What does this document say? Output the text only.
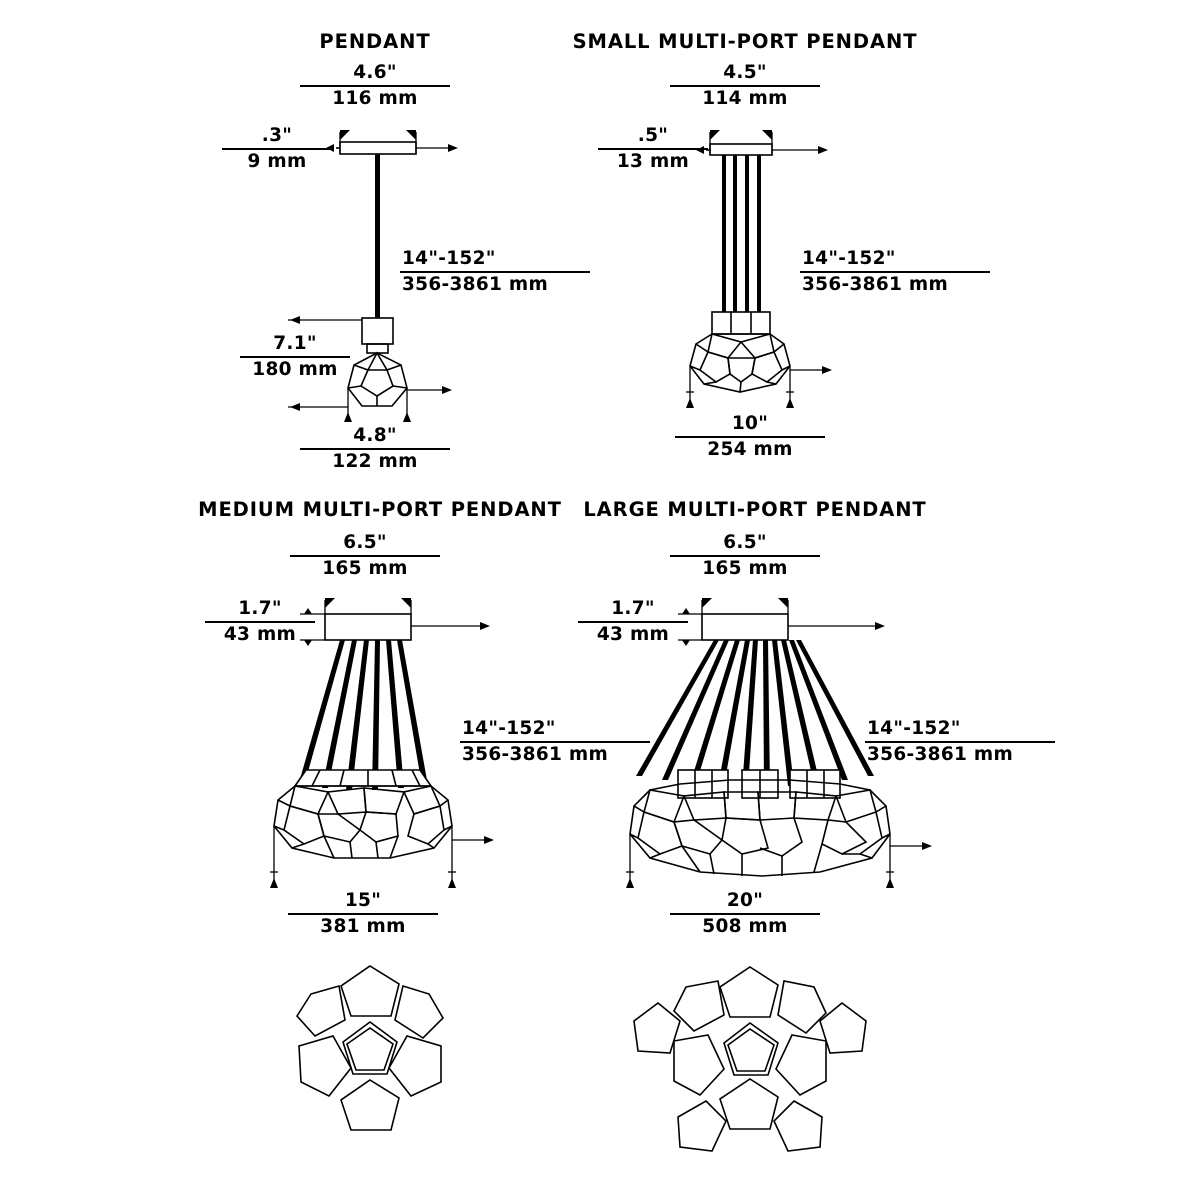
PENDANT
4.6"
116 mm
.3"
9 mm
14"-152"
356-3861 mm
7.1"
180 mm
4.8"
122 mm
SMALL MULTI-PORT PENDANT
4.5"
114 mm
.5"
13 mm
14"-152"
356-3861 mm
10"
254 mm
MEDIUM MULTI-PORT PENDANT
6.5"
165 mm
1.7"
43 mm
14"-152"
356-3861 mm
15"
381 mm
LARGE MULTI-PORT PENDANT
6.5"
165 mm
1.7"
43 mm
14"-152"
356-3861 mm
20"
508 mm
